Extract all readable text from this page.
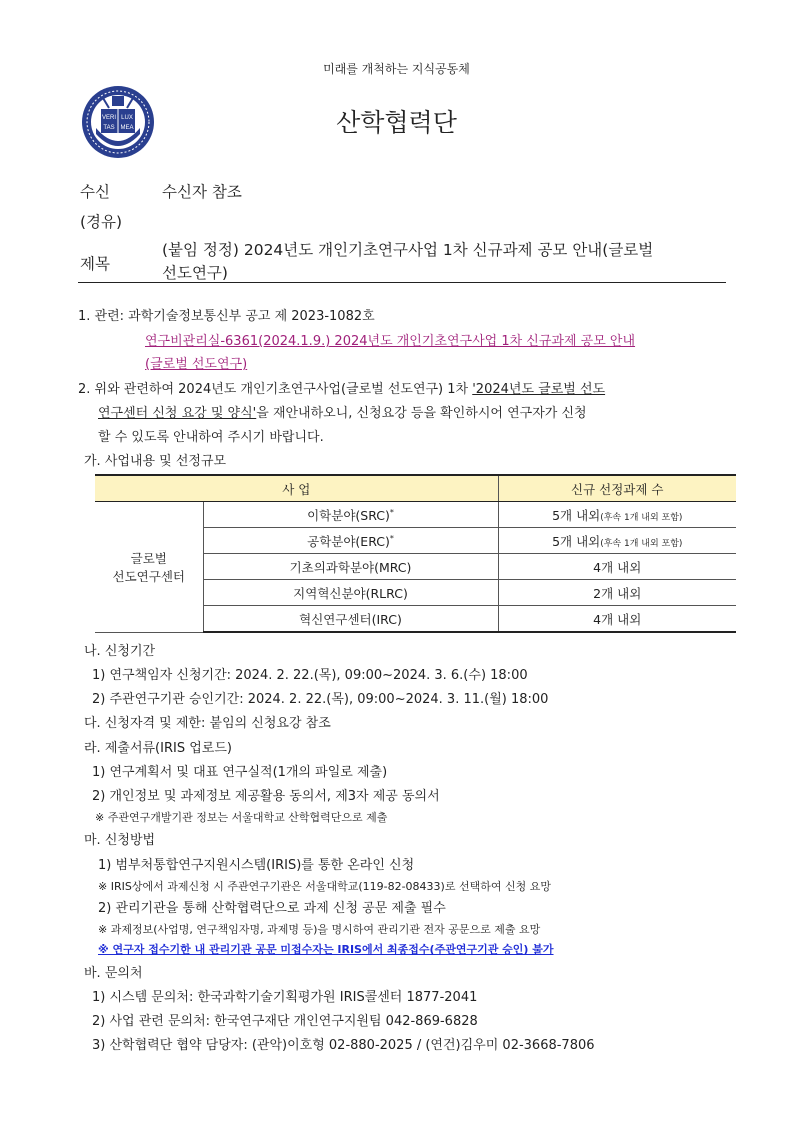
미래를 개척하는 지식공동체
VERI LUX
TAS MEA	산학협력단
수신	수신자 참조
(경유)
제목
(붙임 정정) 2024년도 개인기초연구사업 1차 신규과제 공모 안내(글로벌
선도연구)
1. 관련: 과학기술정보통신부 공고 제 2023-1082호
연구비관리실-6361(2024.1.9.) 2024년도 개인기초연구사업 1차 신규과제 공모 안내
(글로벌 선도연구)
2. 위와 관련하여 2024년도 개인기초연구사업(글로벌 선도연구) 1차 '2024년도 글로벌 선도
연구센터 신청 요강 및 양식'을 재안내하오니, 신청요강 등을 확인하시어 연구자가 신청
할 수 있도록 안내하여 주시기 바랍니다.
가. 사업내용 및 선정규모
사 업		신규 선정과제 수

글로벌
선도연구센터	이학분야(SRC)*	5개 내외(후속 1개 내외 포함)
	공학분야(ERC)*	5개 내외(후속 1개 내외 포함)
	기초의과학분야(MRC)	4개 내외
	지역혁신분야(RLRC)	2개 내외
	혁신연구센터(IRC)	4개 내외
나. 신청기간
1) 연구책임자 신청기간: 2024. 2. 22.(목), 09:00~2024. 3. 6.(수) 18:00
2) 주관연구기관 승인기간: 2024. 2. 22.(목), 09:00~2024. 3. 11.(월) 18:00
다. 신청자격 및 제한: 붙임의 신청요강 참조
라. 제출서류(IRIS 업로드)
1) 연구계획서 및 대표 연구실적(1개의 파일로 제출)
2) 개인정보 및 과제정보 제공활용 동의서, 제3자 제공 동의서
※ 주관연구개발기관 정보는 서울대학교 산학협력단으로 제출
마. 신청방법
1) 범부처통합연구지원시스템(IRIS)를 통한 온라인 신청
※ IRIS상에서 과제신청 시 주관연구기관은 서울대학교(119-82-08433)로 선택하여 신청 요망
2) 관리기관을 통해 산학협력단으로 과제 신청 공문 제출 필수
※ 과제정보(사업명, 연구책임자명, 과제명 등)을 명시하여 관리기관 전자 공문으로 제출 요망
※ 연구자 접수기한 내 관리기관 공문 미접수자는 IRIS에서 최종접수(주관연구기관 승인) 불가
바. 문의처
1) 시스템 문의처: 한국과학기술기획평가원 IRIS콜센터 1877-2041
2) 사업 관련 문의처: 한국연구재단 개인연구지원팀 042-869-6828
3) 산학협력단 협약 담당자: (관악)이호형 02-880-2025 / (연건)김우미 02-3668-7806
